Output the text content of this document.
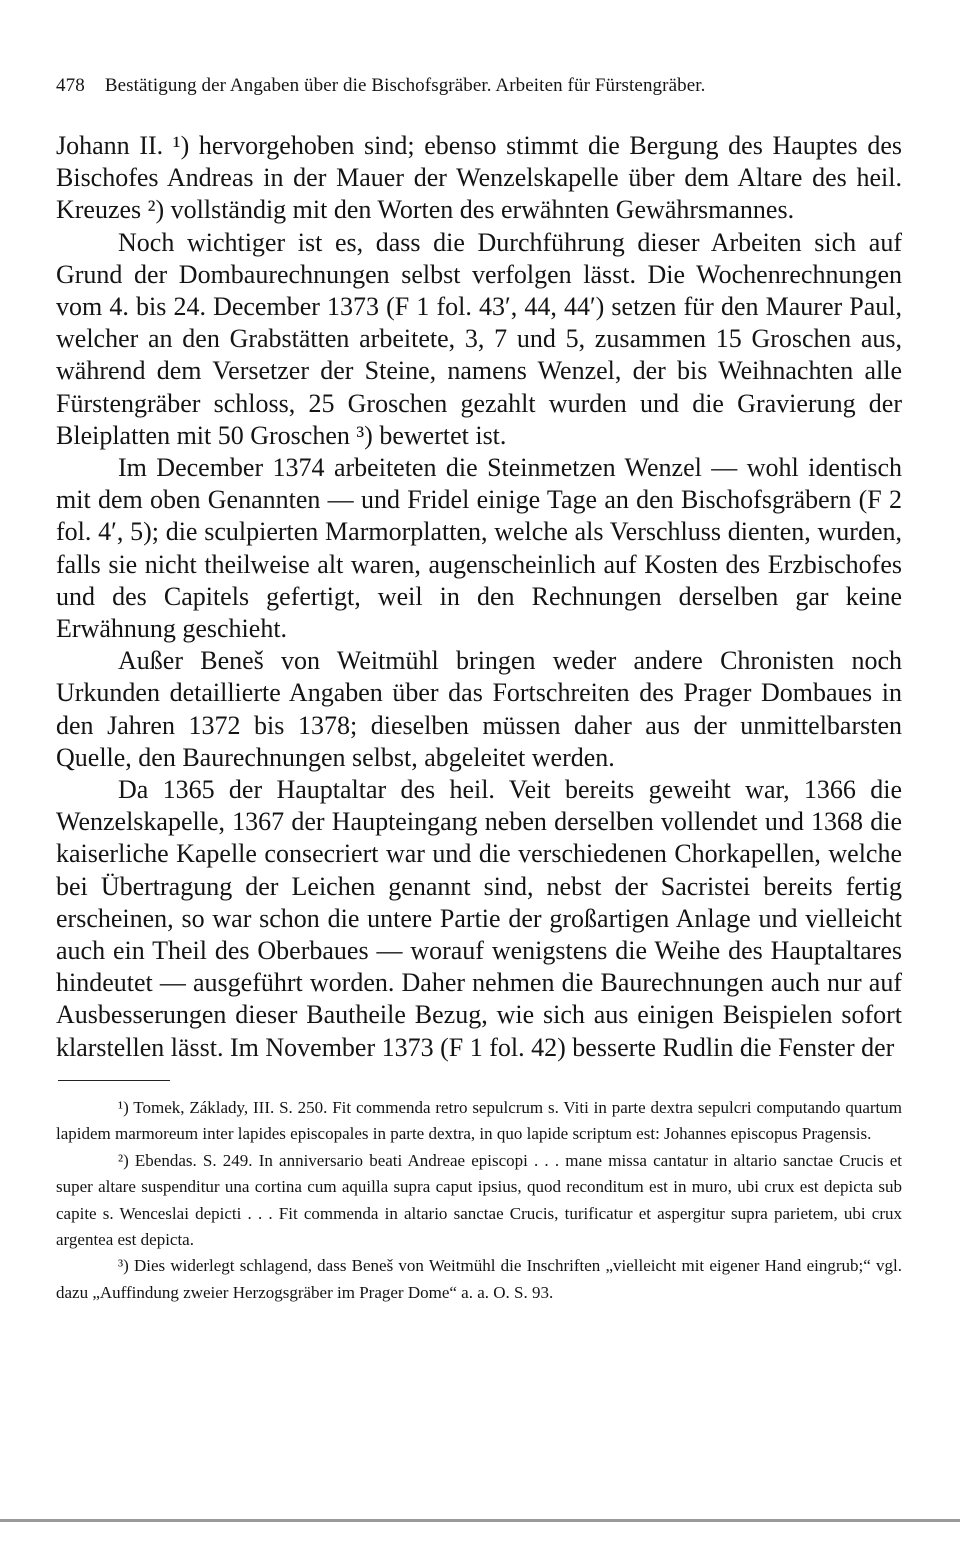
478 Bestätigung der Angaben über die Bischofsgräber. Arbeiten für Fürstengräber.

Johann II. ¹) hervorgehoben sind; ebenso stimmt die Bergung des Hauptes des Bischofes Andreas in der Mauer der Wenzelskapelle über dem Altare des heil. Kreuzes ²) vollständig mit den Worten des erwähnten Gewährsmannes.

Noch wichtiger ist es, dass die Durchführung dieser Arbeiten sich auf Grund der Dombaurechnungen selbst verfolgen lässt. Die Wochenrechnungen vom 4. bis 24. December 1373 (F 1 fol. 43′, 44, 44′) setzen für den Maurer Paul, welcher an den Grabstätten arbeitete, 3, 7 und 5, zusammen 15 Groschen aus, während dem Versetzer der Steine, namens Wenzel, der bis Weihnachten alle Fürstengräber schloss, 25 Groschen gezahlt wurden und die Gravierung der Bleiplatten mit 50 Groschen ³) bewertet ist.

Im December 1374 arbeiteten die Steinmetzen Wenzel — wohl identisch mit dem oben Genannten — und Fridel einige Tage an den Bischofsgräbern (F 2 fol. 4′, 5); die sculpierten Marmorplatten, welche als Verschluss dienten, wurden, falls sie nicht theilweise alt waren, augenscheinlich auf Kosten des Erzbischofes und des Capitels gefertigt, weil in den Rechnungen derselben gar keine Erwähnung geschieht.

Außer Beneš von Weitmühl bringen weder andere Chronisten noch Urkunden detaillierte Angaben über das Fortschreiten des Prager Dombaues in den Jahren 1372 bis 1378; dieselben müssen daher aus der unmittelbarsten Quelle, den Baurechnungen selbst, abgeleitet werden.

Da 1365 der Hauptaltar des heil. Veit bereits geweiht war, 1366 die Wenzelskapelle, 1367 der Haupteingang neben derselben vollendet und 1368 die kaiserliche Kapelle consecriert war und die verschiedenen Chorkapellen, welche bei Übertragung der Leichen genannt sind, nebst der Sacristei bereits fertig erscheinen, so war schon die untere Partie der großartigen Anlage und vielleicht auch ein Theil des Oberbaues — worauf wenigstens die Weihe des Hauptaltares hindeutet — ausgeführt worden. Daher nehmen die Baurechnungen auch nur auf Ausbesserungen dieser Bautheile Bezug, wie sich aus einigen Beispielen sofort klarstellen lässt. Im November 1373 (F 1 fol. 42) besserte Rudlin die Fenster der

¹) Tomek, Základy, III. S. 250. Fit commenda retro sepulcrum s. Viti in parte dextra sepulcri computando quartum lapidem marmoreum inter lapides episcopales in parte dextra, in quo lapide scriptum est: Johannes episcopus Pragensis.

²) Ebendas. S. 249. In anniversario beati Andreae episcopi . . . mane missa cantatur in altario sanctae Crucis et super altare suspenditur una cortina cum aquilla supra caput ipsius, quod reconditum est in muro, ubi crux est depicta sub capite s. Wenceslai depicti . . . Fit commenda in altario sanctae Crucis, turificatur et aspergitur supra parietem, ubi crux argentea est depicta.

³) Dies widerlegt schlagend, dass Beneš von Weitmühl die Inschriften „vielleicht mit eigener Hand eingrub;“ vgl. dazu „Auffindung zweier Herzogsgräber im Prager Dome“ a. a. O. S. 93.
